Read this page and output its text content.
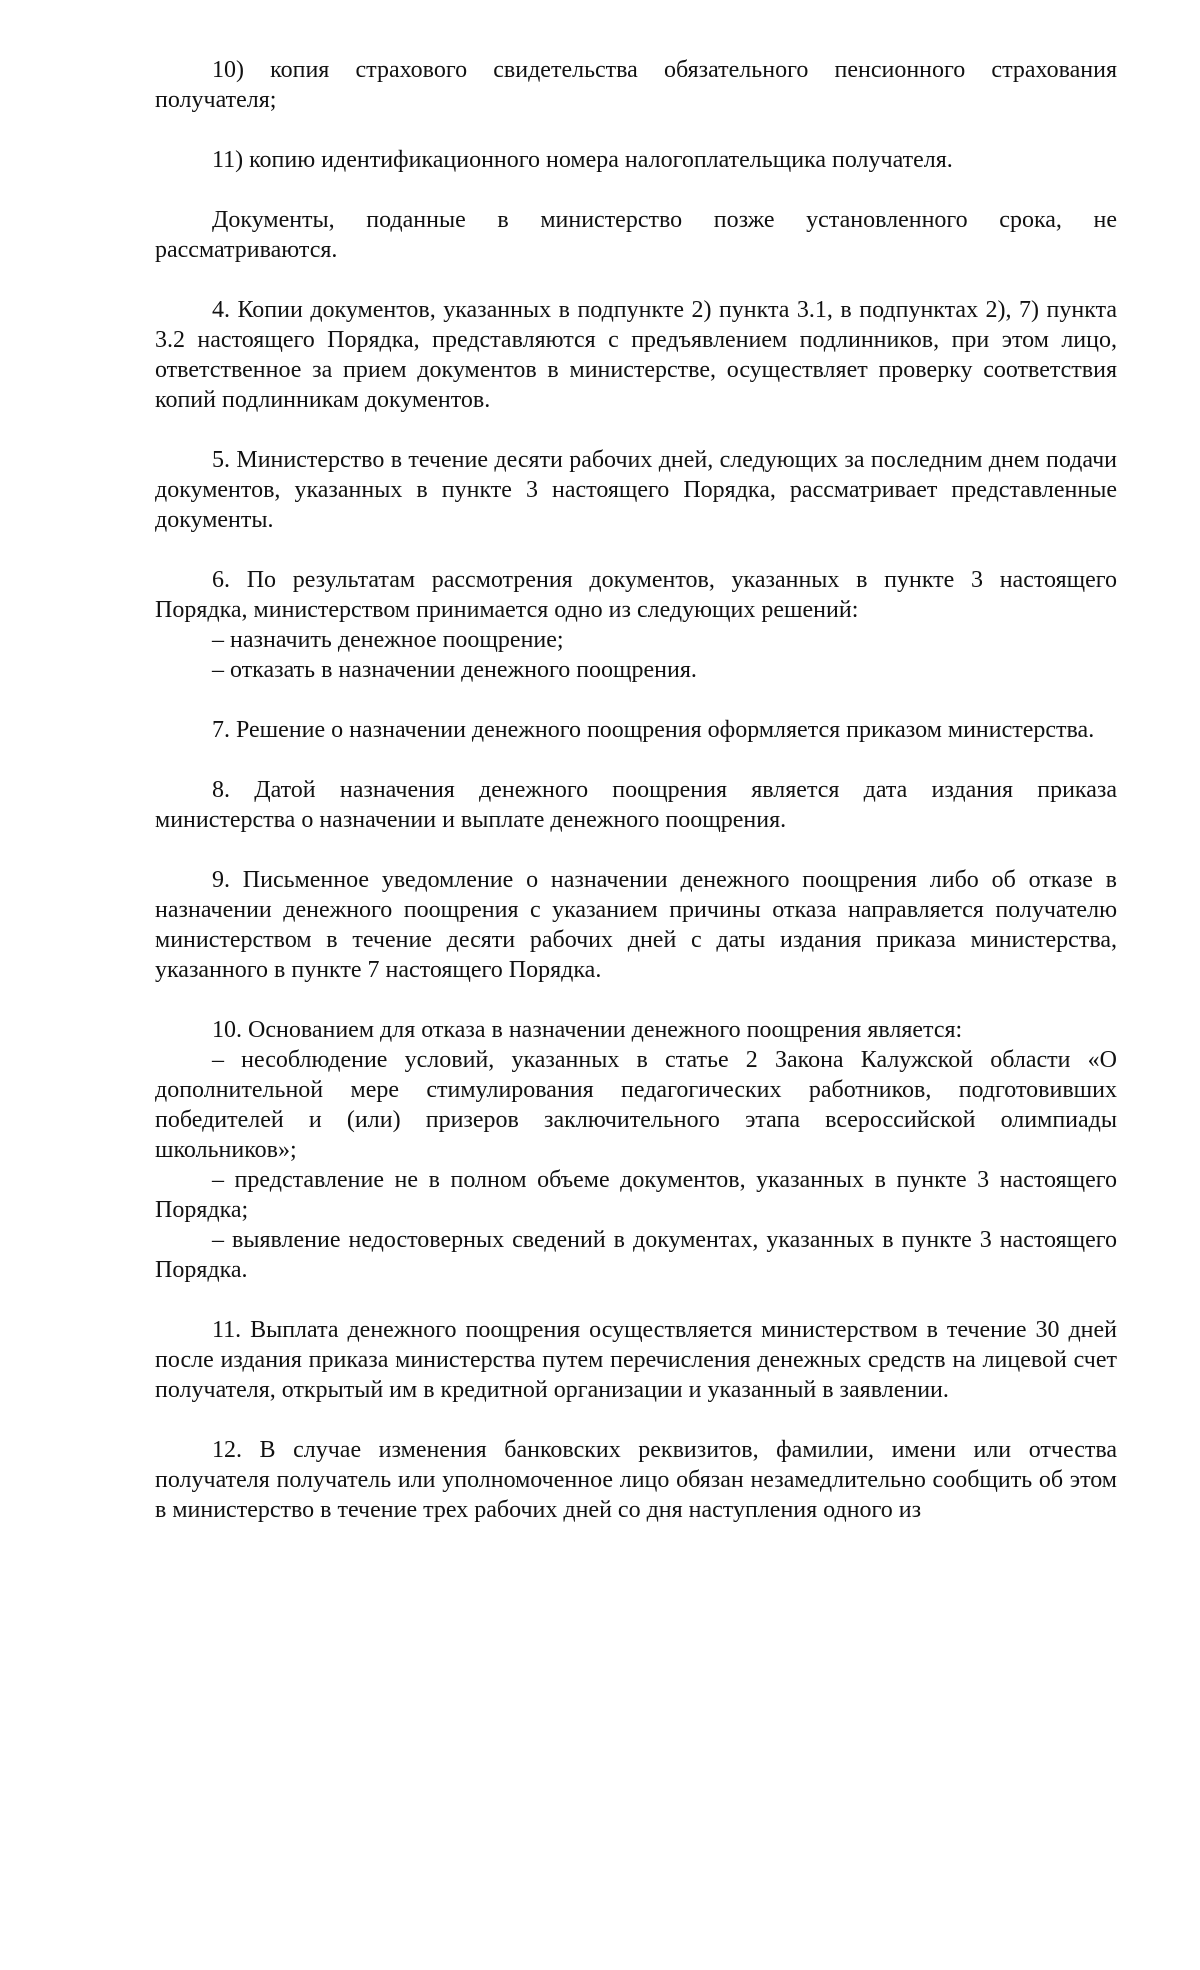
10) копия страхового свидетельства обязательного пенсионного страхования получателя;

11) копию идентификационного номера налогоплательщика получателя.

Документы, поданные в министерство позже установленного срока, не рассматриваются.

4. Копии документов, указанных в подпункте 2) пункта 3.1, в подпунктах 2), 7) пункта 3.2 настоящего Порядка, представляются с предъявлением подлинников, при этом лицо, ответственное за прием документов в министерстве, осуществляет проверку соответствия копий подлинникам документов.

5. Министерство в течение десяти рабочих дней, следующих за последним днем подачи документов, указанных в пункте 3 настоящего Порядка, рассматривает представленные документы.

6. По результатам рассмотрения документов, указанных в пункте 3 настоящего Порядка, министерством принимается одно из следующих решений:

– назначить денежное поощрение;

– отказать в назначении денежного поощрения.

7. Решение о назначении денежного поощрения оформляется приказом министерства.

8. Датой назначения денежного поощрения является дата издания приказа министерства о назначении и выплате денежного поощрения.

9. Письменное уведомление о назначении денежного поощрения либо об отказе в назначении денежного поощрения с указанием причины отказа направляется получателю министерством в течение десяти рабочих дней с даты издания приказа министерства, указанного в пункте 7 настоящего Порядка.

10. Основанием для отказа в назначении денежного поощрения является:

– несоблюдение условий, указанных в статье 2 Закона Калужской области «О дополнительной мере стимулирования педагогических работников, подготовивших победителей и (или) призеров заключительного этапа всероссийской олимпиады школьников»;

– представление не в полном объеме документов, указанных в пункте 3 настоящего Порядка;

– выявление недостоверных сведений в документах, указанных в пункте 3 настоящего Порядка.

11. Выплата денежного поощрения осуществляется министерством в течение 30 дней после издания приказа министерства путем перечисления денежных средств на лицевой счет получателя, открытый им в кредитной организации и указанный в заявлении.

12. В случае изменения банковских реквизитов, фамилии, имени или отчества получателя получатель или уполномоченное лицо обязан незамедлительно сообщить об этом в министерство в течение трех рабочих дней со дня наступления одного из
